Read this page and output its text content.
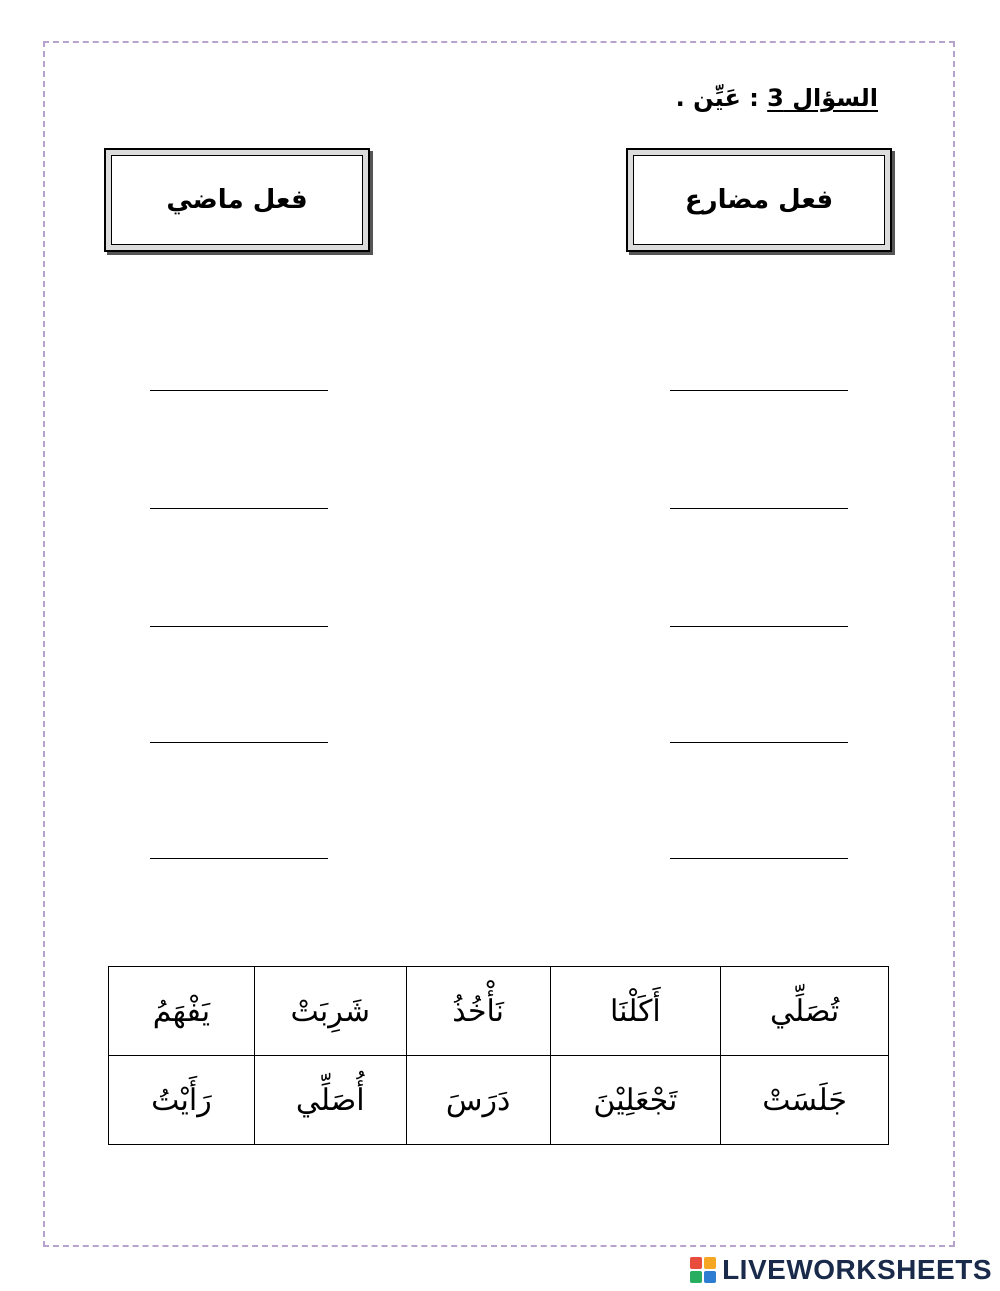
السؤال 3 : عَيِّن .
فعل مضارع
فعل ماضي
تُصَلِّي	أَكَلْنَا	نَأْخُذُ	شَرِبَتْ	يَفْهَمُ
جَلَسَتْ	تَجْعَلِيْنَ	دَرَسَ	أُصَلِّي	رَأَيْتُ
LIVEWORKSHEETS
